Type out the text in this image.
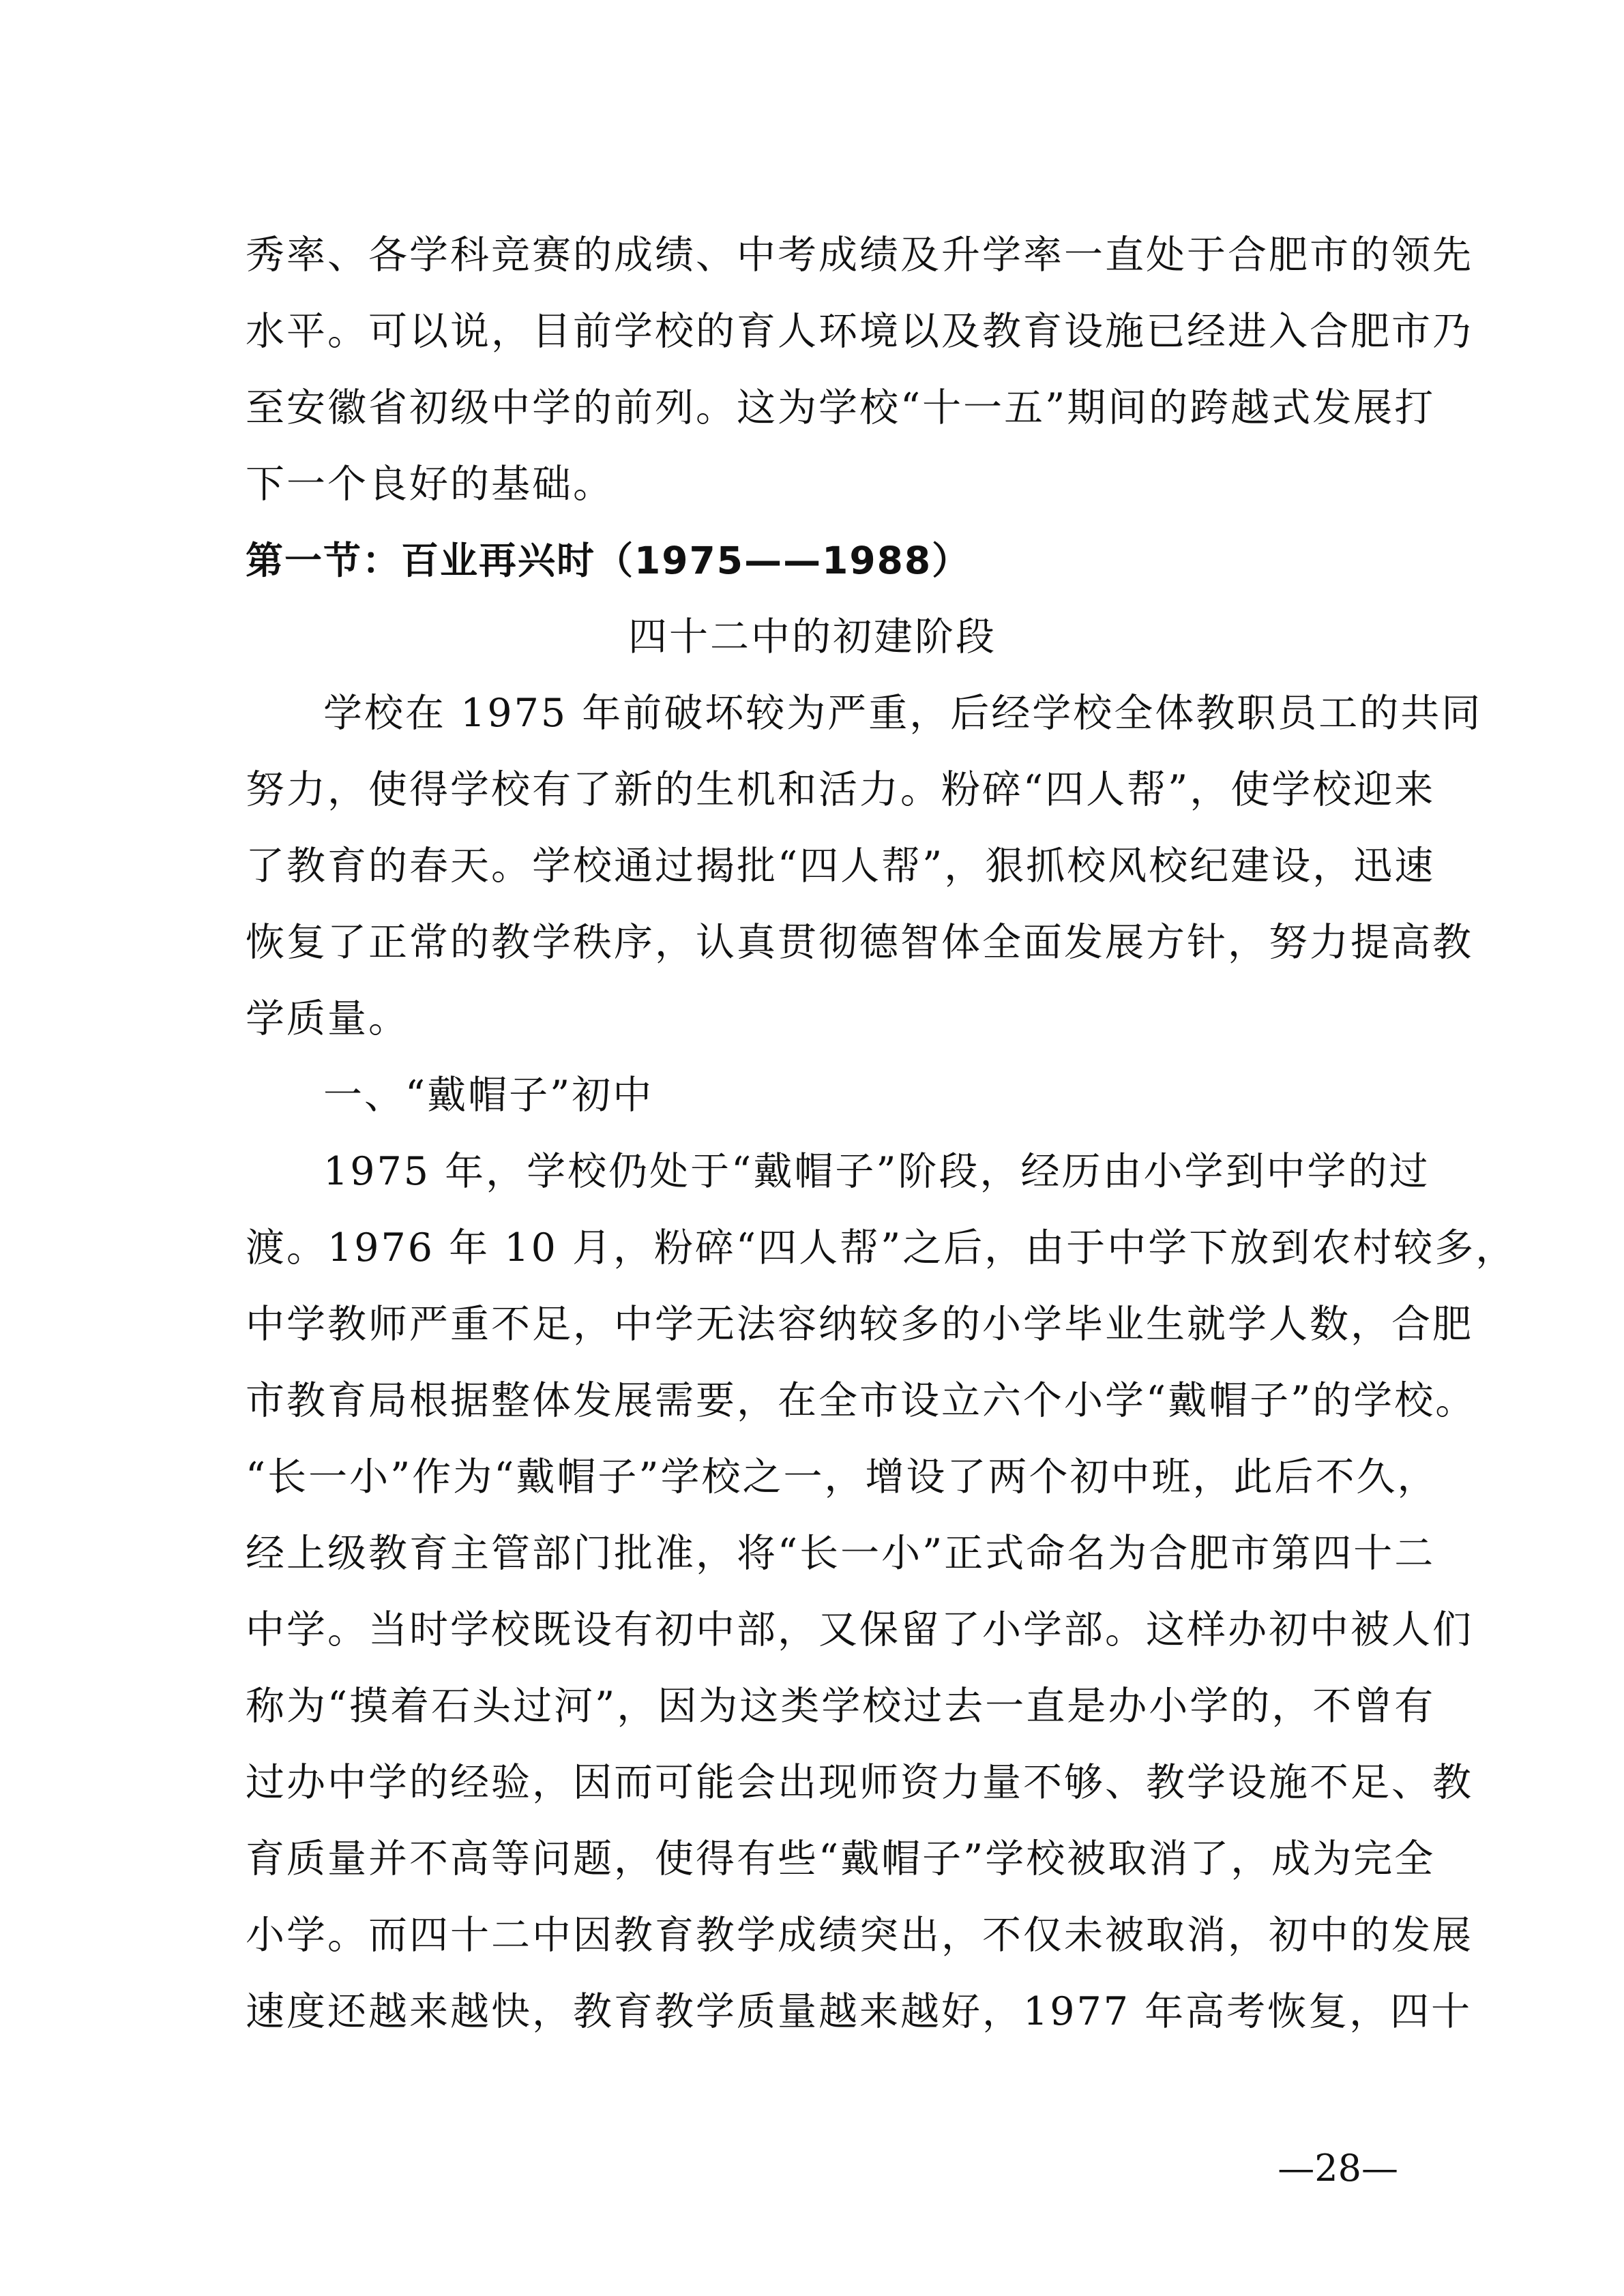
秀率、各学科竞赛的成绩、中考成绩及升学率一直处于合肥市的领先
水平。可以说，目前学校的育人环境以及教育设施已经进入合肥市乃
至安徽省初级中学的前列。这为学校“十一五”期间的跨越式发展打
下一个良好的基础。
第一节：百业再兴时（1975——1988）
四十二中的初建阶段
学校在 1975 年前破坏较为严重，后经学校全体教职员工的共同
努力，使得学校有了新的生机和活力。粉碎“四人帮”，使学校迎来
了教育的春天。学校通过揭批“四人帮”，狠抓校风校纪建设，迅速
恢复了正常的教学秩序，认真贯彻德智体全面发展方针，努力提高教
学质量。
一、“戴帽子”初中
1975 年，学校仍处于“戴帽子”阶段，经历由小学到中学的过
渡。1976 年 10 月，粉碎“四人帮”之后，由于中学下放到农村较多，
中学教师严重不足，中学无法容纳较多的小学毕业生就学人数，合肥
市教育局根据整体发展需要，在全市设立六个小学“戴帽子”的学校。
“长一小”作为“戴帽子”学校之一，增设了两个初中班，此后不久，
经上级教育主管部门批准，将“长一小”正式命名为合肥市第四十二
中学。当时学校既设有初中部，又保留了小学部。这样办初中被人们
称为“摸着石头过河”，因为这类学校过去一直是办小学的，不曾有
过办中学的经验，因而可能会出现师资力量不够、教学设施不足、教
育质量并不高等问题，使得有些“戴帽子”学校被取消了，成为完全
小学。而四十二中因教育教学成绩突出，不仅未被取消，初中的发展
速度还越来越快，教育教学质量越来越好，1977 年高考恢复，四十
—28—
